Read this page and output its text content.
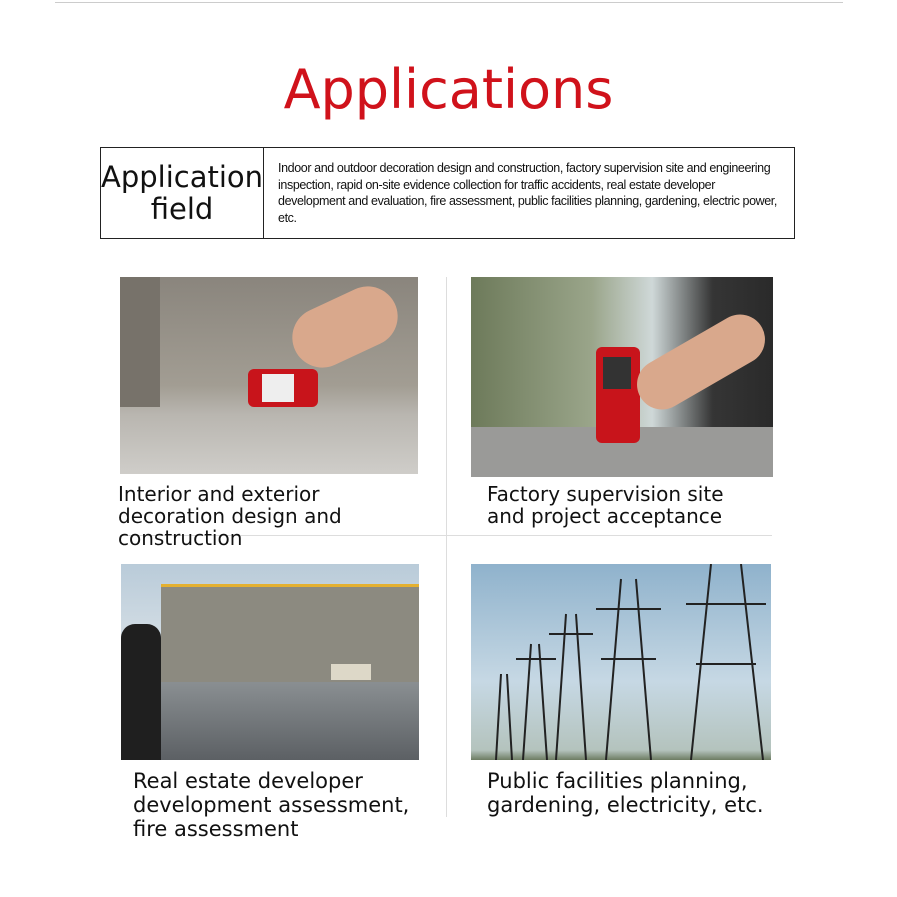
Applications
Application field
Indoor and outdoor decoration design and construction, factory supervision site and engineering inspection, rapid on-site evidence collection for traffic accidents, real estate developer development and evaluation, fire assessment, public facilities planning, gardening, electric power, etc.
Interior and exterior decoration design and construction
Factory supervision site and project acceptance
Real estate developer development assessment, fire assessment
Public facilities planning, gardening, electricity, etc.
